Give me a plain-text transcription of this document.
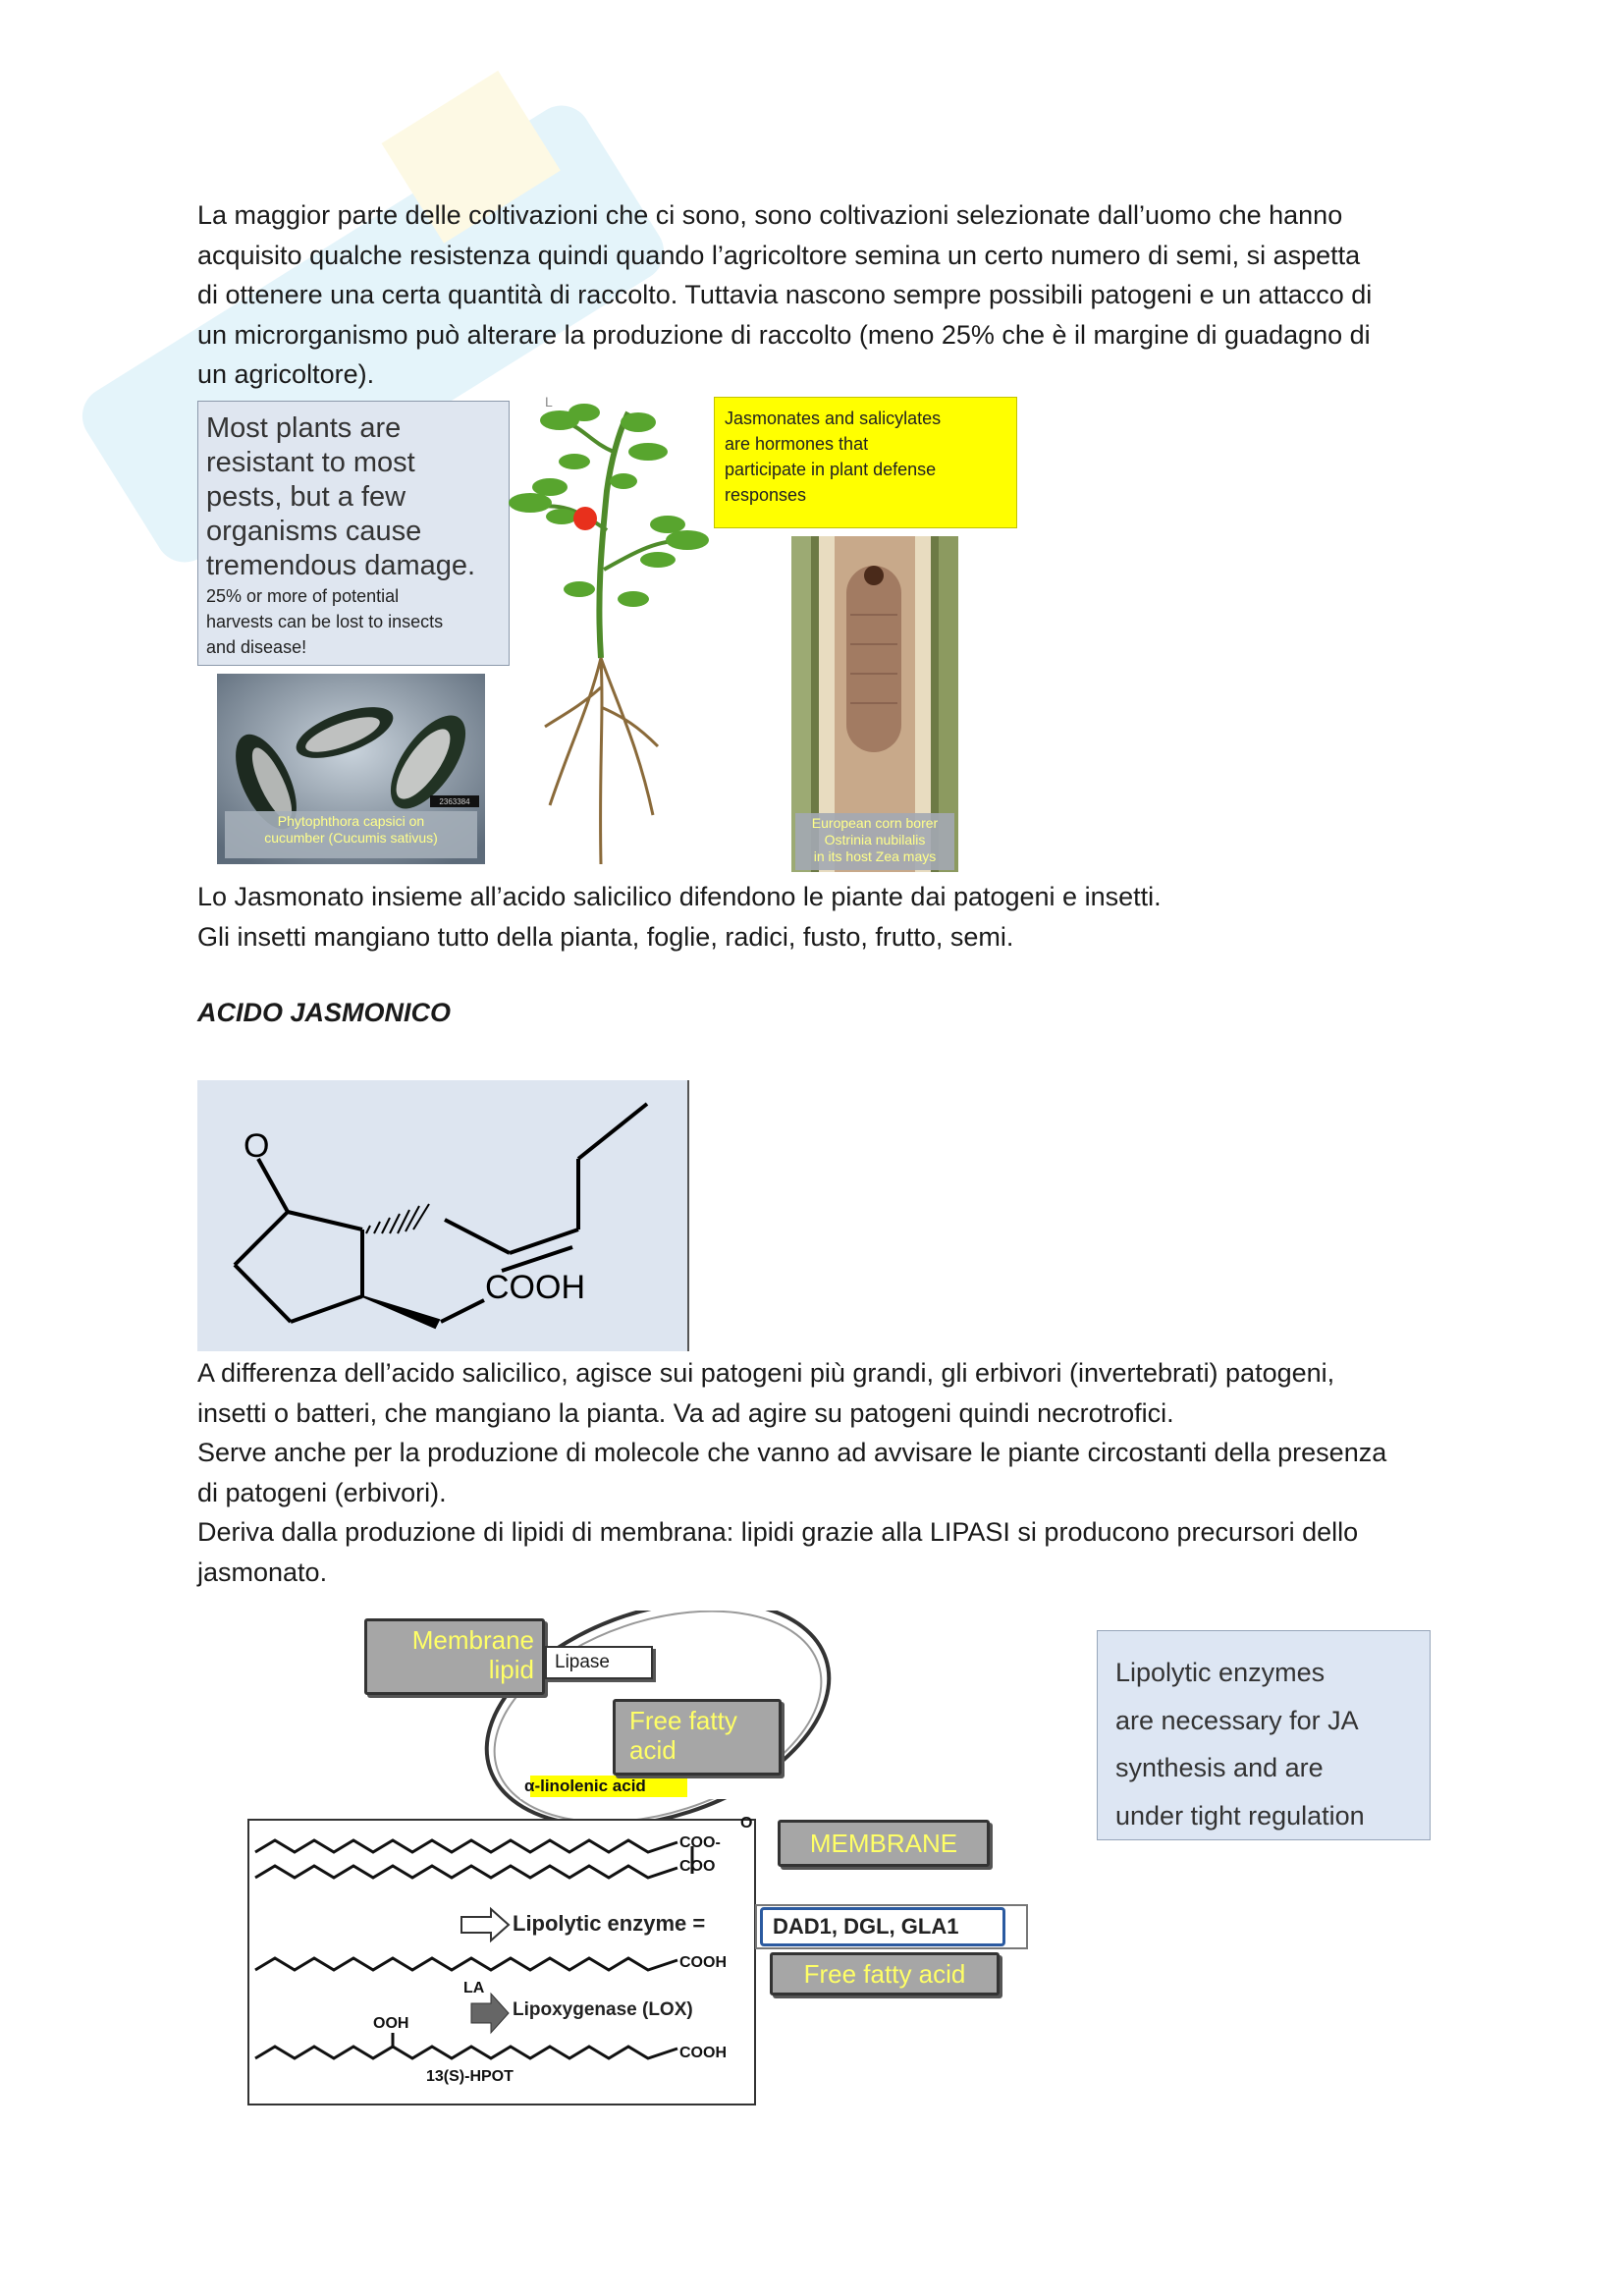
La maggior parte delle coltivazioni che ci sono, sono coltivazioni selezionate dall’uomo che hanno
acquisito qualche resistenza quindi quando l’agricoltore semina un certo numero di semi, si aspetta
di ottenere una certa quantità di raccolto. Tuttavia nascono sempre possibili patogeni e un attacco di
un microrganismo può alterare la produzione di raccolto (meno 25% che è il margine di guadagno di
un agricoltore).
Most plants are
resistant to most
pests, but a few
organisms cause
tremendous damage.
25% or more of potential
harvests can be lost to insects
and disease!
2363384
Phytophthora capsici on
cucumber (Cucumis sativus)
L
Jasmonates and salicylates
are hormones that
participate in plant defense
responses
European corn borer
Ostrinia nubilalis
in its host Zea mays
Lo Jasmonato insieme all’acido salicilico difendono le piante dai patogeni e insetti.
Gli insetti mangiano tutto della pianta, foglie, radici, fusto, frutto, semi.
ACIDO JASMONICO
O
COOH
A differenza dell’acido salicilico, agisce sui patogeni più grandi, gli erbivori (invertebrati) patogeni,
insetti o batteri, che mangiano la pianta. Va ad agire su patogeni quindi necrotrofici.
Serve anche per la produzione di molecole che vanno ad avvisare le piante circostanti della presenza
di patogeni (erbivori).
Deriva dalla produzione di lipidi di membrana: lipidi grazie alla LIPASI si producono precursori dello
jasmonato.
Membrane
lipid	Lipase
Free fatty
acid
α-linolenic acid
COO-
COO
O
MEMBRANE
Lipolytic enzyme =	DAD1, DGL, GLA1
COOH	Free fatty acid
LA
Lipoxygenase (LOX)
OOH
COOH
13(S)-HPOT
Lipolytic enzymes
are necessary for JA
synthesis and are
under tight regulation
